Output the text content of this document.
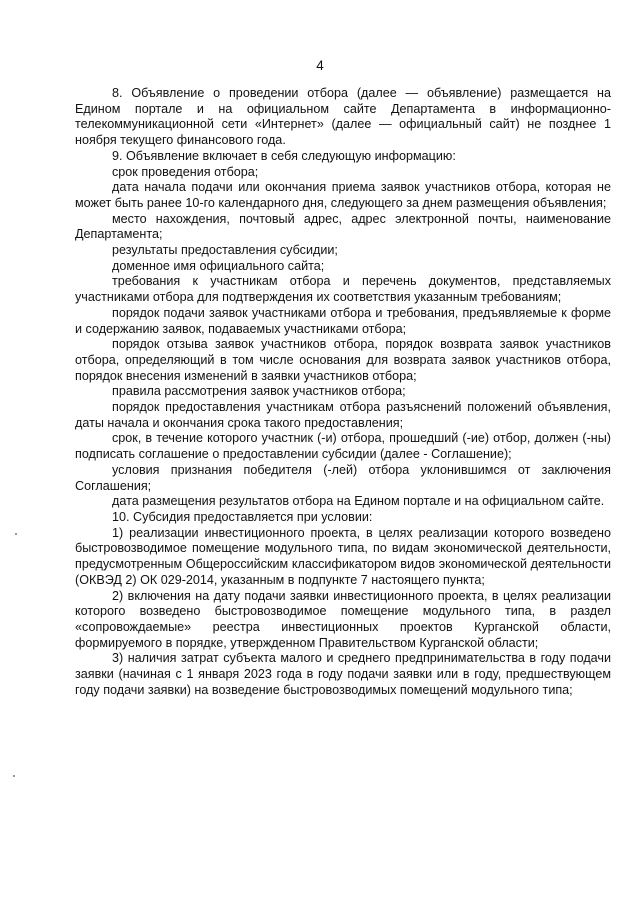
4

8. Объявление о проведении отбора (далее — объявление) размещается на Едином портале и на официальном сайте Департамента в информационно-телекоммуникационной сети «Интернет» (далее — официальный сайт) не позднее 1 ноября текущего финансового года.

9. Объявление включает в себя следующую информацию:

срок проведения отбора;

дата начала подачи или окончания приема заявок участников отбора, которая не может быть ранее 10-го календарного дня, следующего за днем размещения объявления;

место нахождения, почтовый адрес, адрес электронной почты, наименование Департамента;

результаты предоставления субсидии;

доменное имя официального сайта;

требования к участникам отбора и перечень документов, представляемых участниками отбора для подтверждения их соответствия указанным требованиям;

порядок подачи заявок участниками отбора и требования, предъявляемые к форме и содержанию заявок, подаваемых участниками отбора;

порядок отзыва заявок участников отбора, порядок возврата заявок участников отбора, определяющий в том числе основания для возврата заявок участников отбора, порядок внесения изменений в заявки участников отбора;

правила рассмотрения заявок участников отбора;

порядок предоставления участникам отбора разъяснений положений объявления, даты начала и окончания срока такого предоставления;

срок, в течение которого участник (-и) отбора, прошедший (-ие) отбор, должен (-ны) подписать соглашение о предоставлении субсидии (далее - Соглашение);

условия признания победителя (-лей) отбора уклонившимся от заключения Соглашения;

дата размещения результатов отбора на Едином портале и на официальном сайте.

10. Субсидия предоставляется при условии:

1) реализации инвестиционного проекта, в целях реализации которого возведено быстровозводимое помещение модульного типа, по видам экономической деятельности, предусмотренным Общероссийским классификатором видов экономической деятельности (ОКВЭД 2) ОК 029-2014, указанным в подпункте 7 настоящего пункта;

2) включения на дату подачи заявки инвестиционного проекта, в целях реализации которого возведено быстровозводимое помещение модульного типа, в раздел «сопровождаемые» реестра инвестиционных проектов Курганской области, формируемого в порядке, утвержденном Правительством Курганской области;

3) наличия затрат субъекта малого и среднего предпринимательства в году подачи заявки (начиная с 1 января 2023 года в году подачи заявки или в году, предшествующем году подачи заявки) на возведение быстровозводимых помещений модульного типа;
